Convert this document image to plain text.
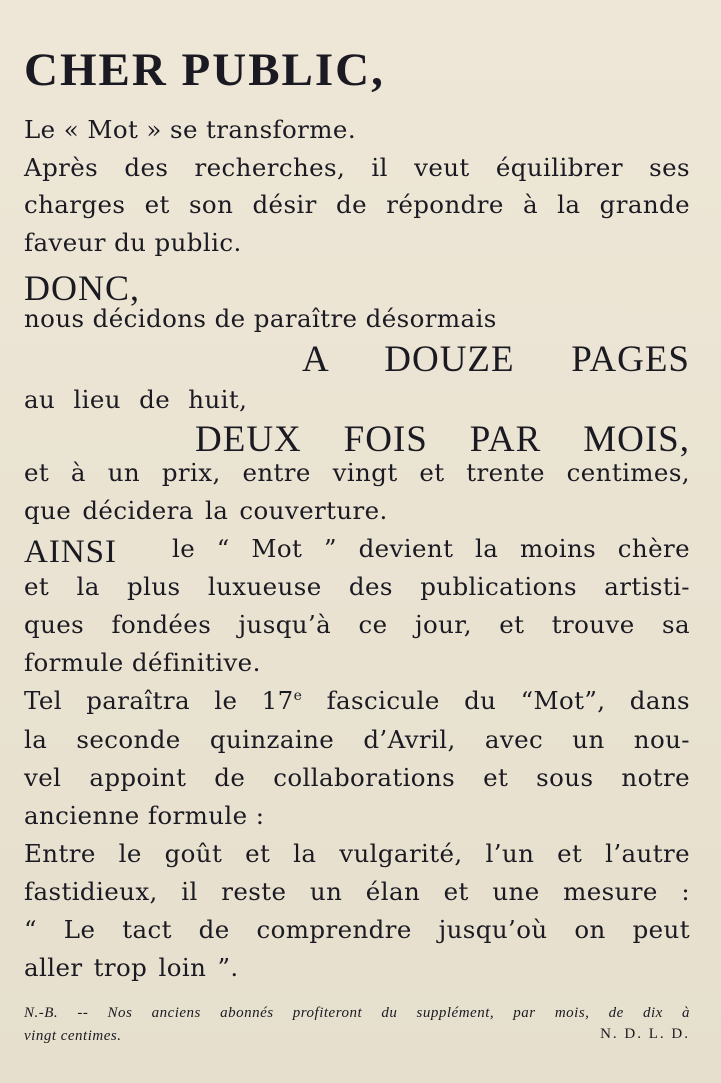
CHER PUBLIC,

Le « Mot » se transforme.

Après des recherches, il veut équilibrer ses

charges et son désir de répondre à la grande

faveur du public.

DONC,

nous décidons de paraître désormais

A DOUZE PAGES

au lieu de huit,

DEUX FOIS PAR MOIS,

et à un prix, entre vingt et trente centimes,

que décidera la couverture.

AINSI le “ Mot ” devient la moins chère

et la plus luxueuse des publications artisti-

ques fondées jusqu’à ce jour, et trouve sa

formule définitive.

Tel paraîtra le 17e fascicule du “Mot”, dans

la seconde quinzaine d’Avril, avec un nou-

vel appoint de collaborations et sous notre

ancienne formule :

Entre le goût et la vulgarité, l’un et l’autre

fastidieux, il reste un élan et une mesure :

“ Le tact de comprendre jusqu’où on peut

aller trop loin ”.

N.-B. -- Nos anciens abonnés profiteront du supplément, par mois, de dix à

vingt centimes.	N. D. L. D.
